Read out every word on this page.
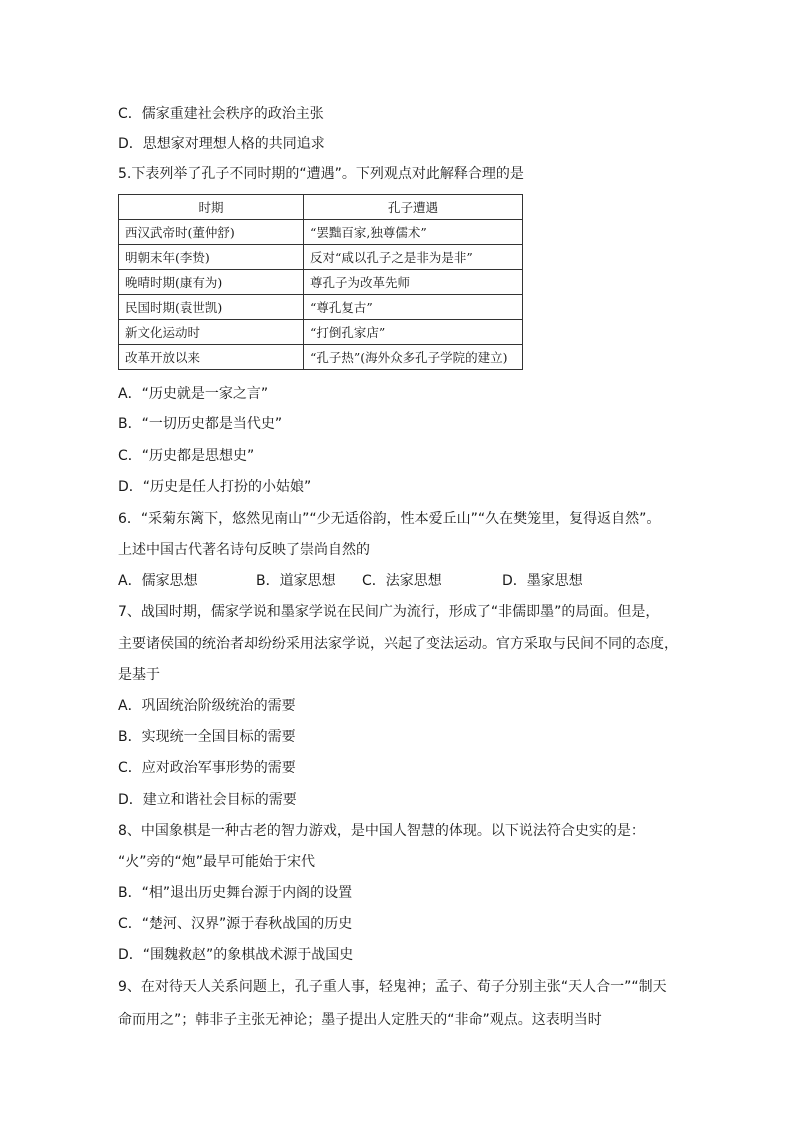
C．儒家重建社会秩序的政治主张
D．思想家对理想人格的共同追求
5.下表列举了孔子不同时期的“遭遇”。下列观点对此解释合理的是
时期	孔子遭遇
西汉武帝时(董仲舒)	“罢黜百家,独尊儒术”
明朝末年(李贽)	反对“咸以孔子之是非为是非”
晚晴时期(康有为)	尊孔子为改革先师
民国时期(袁世凯)	“尊孔复古”
新文化运动时	“打倒孔家店”
改革开放以来	“孔子热”(海外众多孔子学院的建立)
A．“历史就是一家之言”
B．“一切历史都是当代史”
C．“历史都是思想史”
D．“历史是任人打扮的小姑娘”
6．“采菊东篱下，悠然见南山”“少无适俗韵，性本爱丘山”“久在樊笼里，复得返自然”。
上述中国古代著名诗句反映了崇尚自然的
A．儒家思想	B．道家思想 C．法家思想	D．墨家思想
7、战国时期，儒家学说和墨家学说在民间广为流行，形成了“非儒即墨”的局面。但是，
主要诸侯国的统治者却纷纷采用法家学说，兴起了变法运动。官方采取与民间不同的态度，
是基于
A．巩固统治阶级统治的需要
B．实现统一全国目标的需要
C．应对政治军事形势的需要
D．建立和谐社会目标的需要
8、中国象棋是一种古老的智力游戏，是中国人智慧的体现。以下说法符合史实的是：
“火”旁的“炮”最早可能始于宋代
B．“相”退出历史舞台源于内阁的设置
C．“楚河、汉界”源于春秋战国的历史
D．“围魏救赵”的象棋战术源于战国史
9、在对待天人关系问题上，孔子重人事，轻鬼神；孟子、荀子分别主张“天人合一”“制天
命而用之”；韩非子主张无神论；墨子提出人定胜天的“非命”观点。这表明当时
